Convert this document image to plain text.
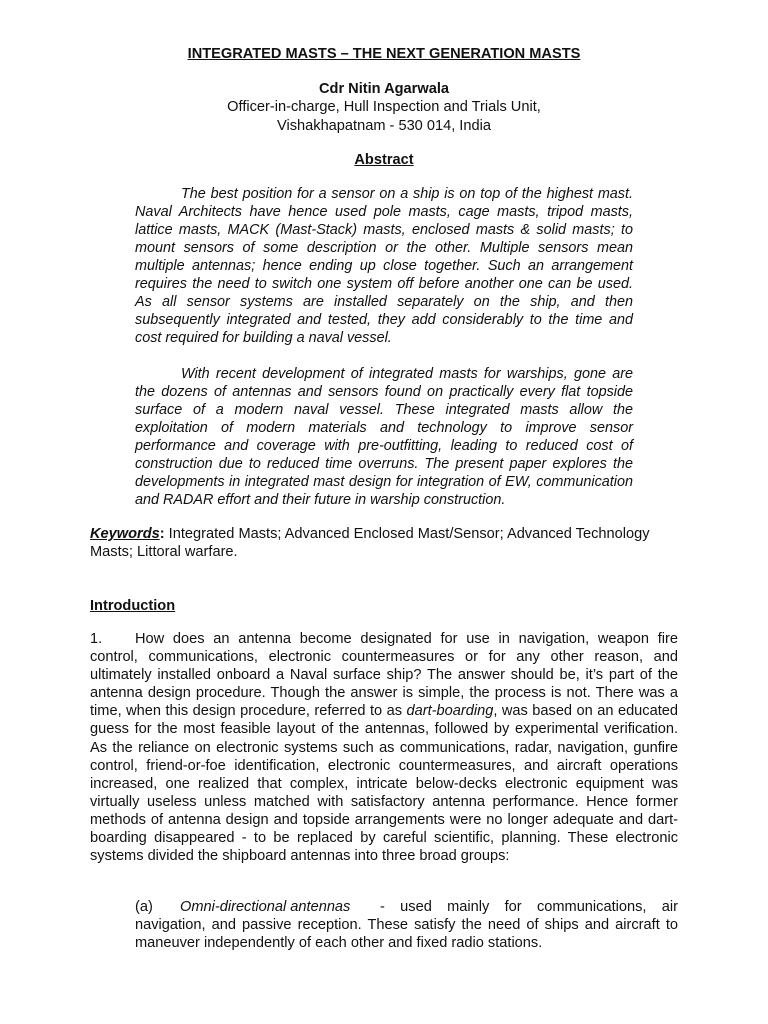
INTEGRATED MASTS – THE NEXT GENERATION MASTS
Cdr Nitin Agarwala
Officer-in-charge, Hull Inspection and Trials Unit,
Vishakhapatnam - 530 014, India
Abstract

The best position for a sensor on a ship is on top of the highest mast. Naval Architects have hence used pole masts, cage masts, tripod masts, lattice masts, MACK (Mast-Stack) masts, enclosed masts & solid masts; to mount sensors of some description or the other. Multiple sensors mean multiple antennas; hence ending up close together. Such an arrangement requires the need to switch one system off before another one can be used. As all sensor systems are installed separately on the ship, and then subsequently integrated and tested, they add considerably to the time and cost required for building a naval vessel.

With recent development of integrated masts for warships, gone are the dozens of antennas and sensors found on practically every flat topside surface of a modern naval vessel. These integrated masts allow the exploitation of modern materials and technology to improve sensor performance and coverage with pre-outfitting, leading to reduced cost of construction due to reduced time overruns. The present paper explores the developments in integrated mast design for integration of EW, communication and RADAR effort and their future in warship construction.

Keywords: Integrated Masts; Advanced Enclosed Mast/Sensor; Advanced Technology Masts; Littoral warfare.

Introduction

1. How does an antenna become designated for use in navigation, weapon fire control, communications, electronic countermeasures or for any other reason, and ultimately installed onboard a Naval surface ship? The answer should be, it’s part of the antenna design procedure. Though the answer is simple, the process is not. There was a time, when this design procedure, referred to as dart-boarding, was based on an educated guess for the most feasible layout of the antennas, followed by experimental verification. As the reliance on electronic systems such as communications, radar, navigation, gunfire control, friend-or-foe identification, electronic countermeasures, and aircraft operations increased, one realized that complex, intricate below-decks electronic equipment was virtually useless unless matched with satisfactory antenna performance. Hence former methods of antenna design and topside arrangements were no longer adequate and dart-boarding disappeared - to be replaced by careful scientific, planning. These electronic systems divided the shipboard antennas into three broad groups:

(a) Omni-directional antennas - used mainly for communications, air navigation, and passive reception. These satisfy the need of ships and aircraft to maneuver independently of each other and fixed radio stations.
